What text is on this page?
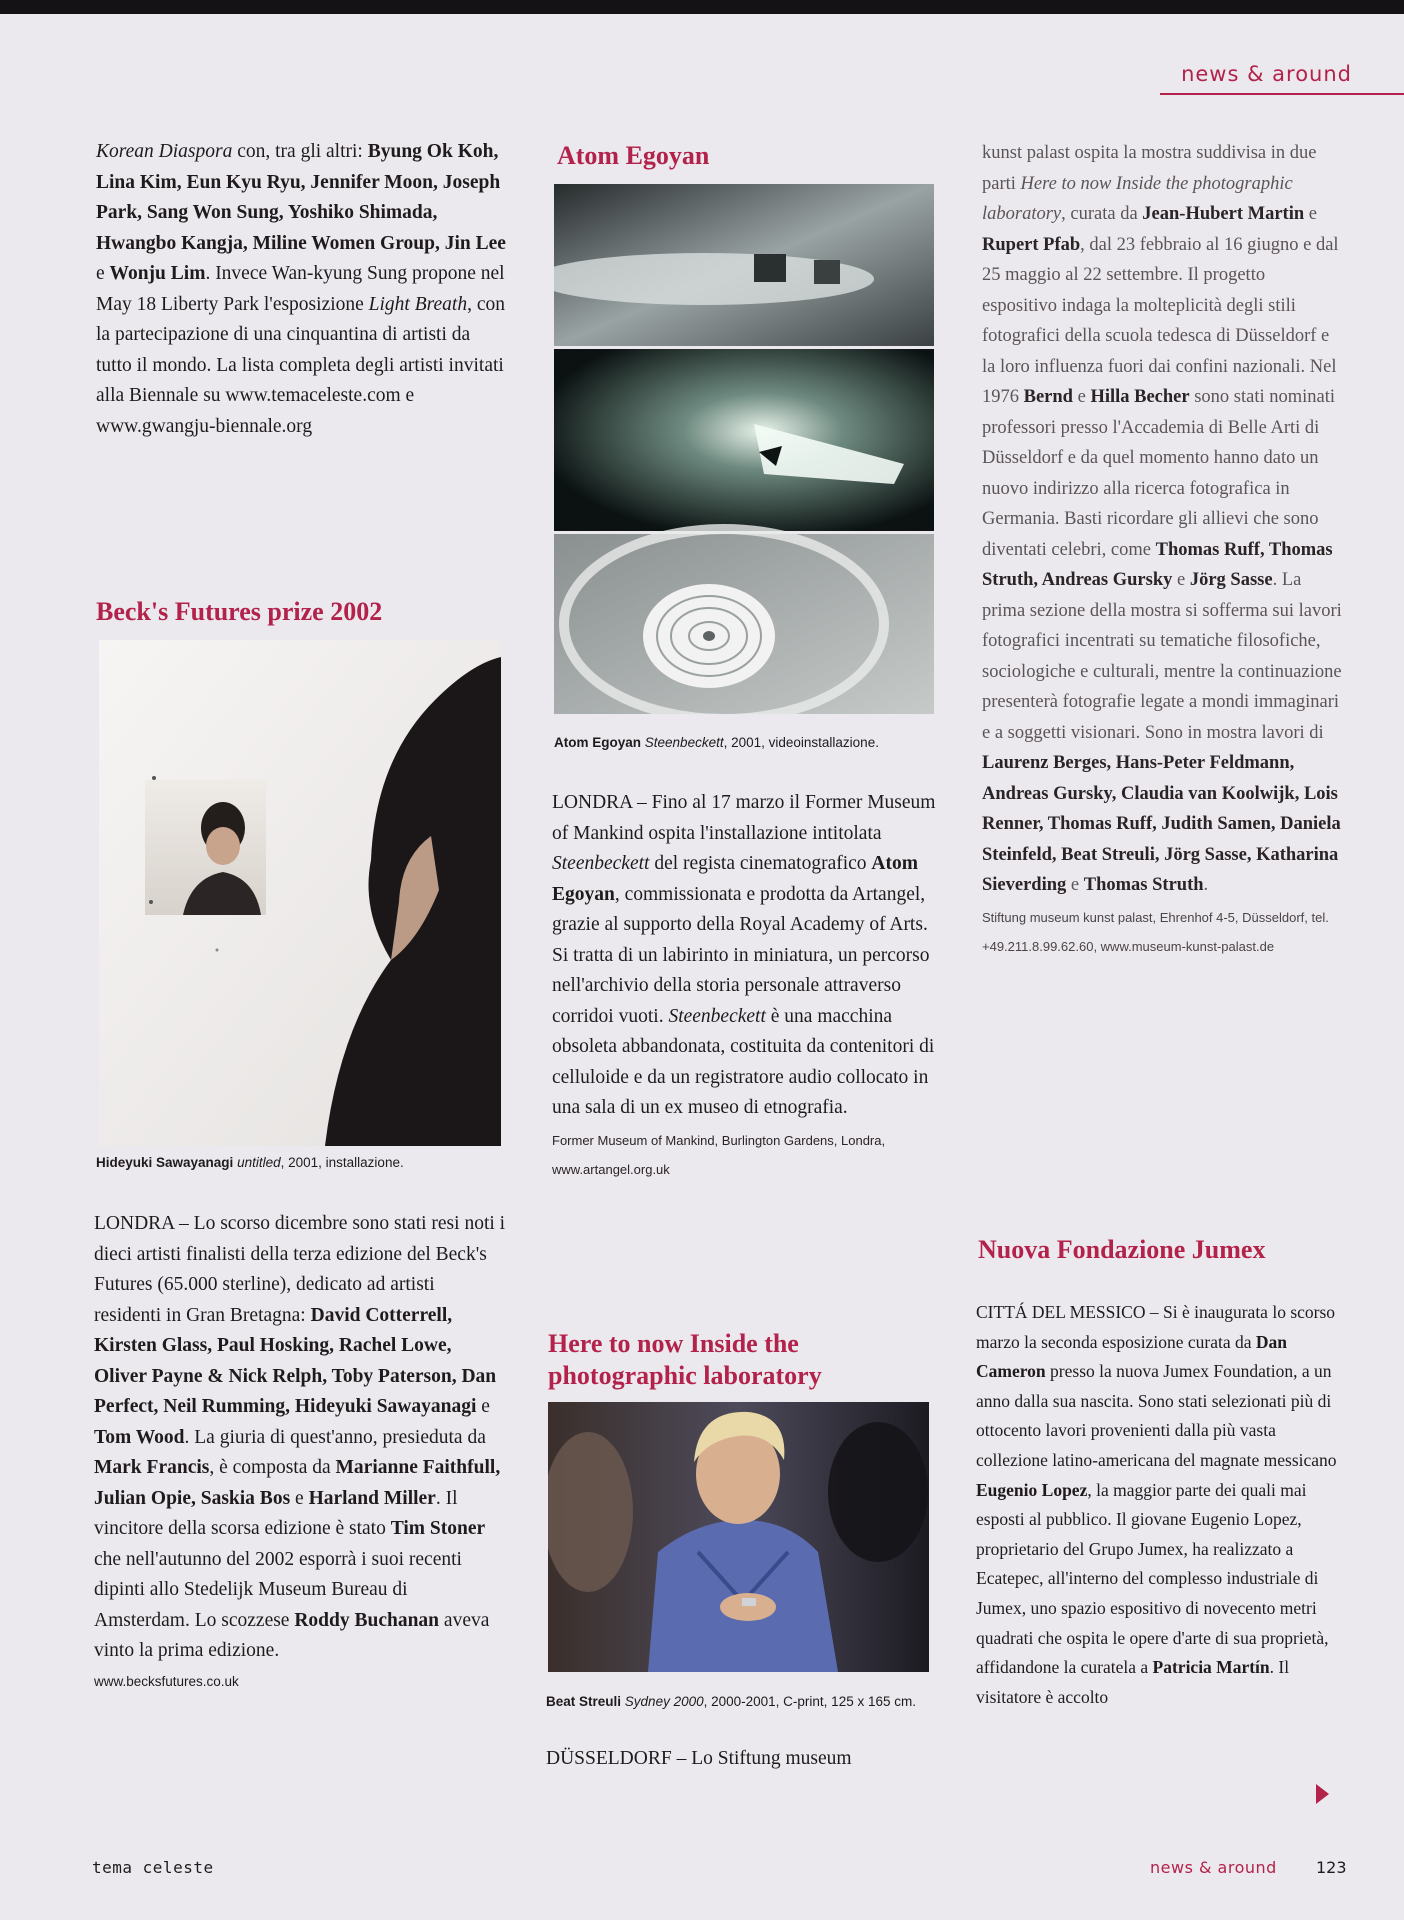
news & around

Korean Diaspora con, tra gli altri: Byung Ok Koh, Lina Kim, Eun Kyu Ryu, Jennifer Moon, Joseph Park, Sang Won Sung, Yoshiko Shimada, Hwangbo Kangja, Miline Women Group, Jin Lee e Wonju Lim. Invece Wan-kyung Sung propone nel May 18 Liberty Park l'esposizione Light Breath, con la partecipazione di una cinquantina di artisti da tutto il mondo. La lista completa degli artisti invitati alla Biennale su www.temaceleste.com e www.gwangju-biennale.org

Beck's Futures prize 2002

Hideyuki Sawayanagi untitled, 2001, installazione.

LONDRA – Lo scorso dicembre sono stati resi noti i dieci artisti finalisti della terza edizione del Beck's Futures (65.000 sterline), dedicato ad artisti residenti in Gran Bretagna: David Cotterrell, Kirsten Glass, Paul Hosking, Rachel Lowe, Oliver Payne & Nick Relph, Toby Paterson, Dan Perfect, Neil Rumming, Hideyuki Sawayanagi e Tom Wood. La giuria di quest'anno, presieduta da Mark Francis, è composta da Marianne Faithfull, Julian Opie, Saskia Bos e Harland Miller. Il vincitore della scorsa edizione è stato Tim Stoner che nell'autunno del 2002 esporrà i suoi recenti dipinti allo Stedelijk Museum Bureau di Amsterdam. Lo scozzese Roddy Buchanan aveva vinto la prima edizione.

www.becksfutures.co.uk

Atom Egoyan

Atom Egoyan Steenbeckett, 2001, videoinstallazione.

LONDRA – Fino al 17 marzo il Former Museum of Mankind ospita l'installazione intitolata Steenbeckett del regista cinematografico Atom Egoyan, commissionata e prodotta da Artangel, grazie al supporto della Royal Academy of Arts. Si tratta di un labirinto in miniatura, un percorso nell'archivio della storia personale attraverso corridoi vuoti. Steenbeckett è una macchina obsoleta abbandonata, costituita da contenitori di celluloide e da un registratore audio collocato in una sala di un ex museo di etnografia.

Former Museum of Mankind, Burlington Gardens, Londra, www.artangel.org.uk

Here to now Inside the
photographic laboratory

Beat Streuli Sydney 2000, 2000-2001, C-print, 125 x 165 cm.

DÜSSELDORF – Lo Stiftung museum

kunst palast ospita la mostra suddivisa in due parti Here to now Inside the photographic laboratory, curata da Jean-Hubert Martin e Rupert Pfab, dal 23 febbraio al 16 giugno e dal 25 maggio al 22 settembre. Il progetto espositivo indaga la molteplicità degli stili fotografici della scuola tedesca di Düsseldorf e la loro influenza fuori dai confini nazionali. Nel 1976 Bernd e Hilla Becher sono stati nominati professori presso l'Accademia di Belle Arti di Düsseldorf e da quel momento hanno dato un nuovo indirizzo alla ricerca fotografica in Germania. Basti ricordare gli allievi che sono diventati celebri, come Thomas Ruff, Thomas Struth, Andreas Gursky e Jörg Sasse. La prima sezione della mostra si sofferma sui lavori fotografici incentrati su tematiche filosofiche, sociologiche e culturali, mentre la continuazione presenterà fotografie legate a mondi immaginari e a soggetti visionari. Sono in mostra lavori di Laurenz Berges, Hans-Peter Feldmann, Andreas Gursky, Claudia van Koolwijk, Lois Renner, Thomas Ruff, Judith Samen, Daniela Steinfeld, Beat Streuli, Jörg Sasse, Katharina Sieverding e Thomas Struth.

Stiftung museum kunst palast, Ehrenhof 4-5, Düsseldorf, tel. +49.211.8.99.62.60, www.museum-kunst-palast.de

Nuova Fondazione Jumex

CITTÁ DEL MESSICO – Si è inaugurata lo scorso marzo la seconda esposizione curata da Dan Cameron presso la nuova Jumex Foundation, a un anno dalla sua nascita. Sono stati selezionati più di ottocento lavori provenienti dalla più vasta collezione latino-americana del magnate messicano Eugenio Lopez, la maggior parte dei quali mai esposti al pubblico. Il giovane Eugenio Lopez, proprietario del Grupo Jumex, ha realizzato a Ecatepec, all'interno del complesso industriale di Jumex, uno spazio espositivo di novecento metri quadrati che ospita le opere d'arte di sua proprietà, affidandone la curatela a Patricia Martín. Il visitatore è accolto

tema celeste	news & around 123
